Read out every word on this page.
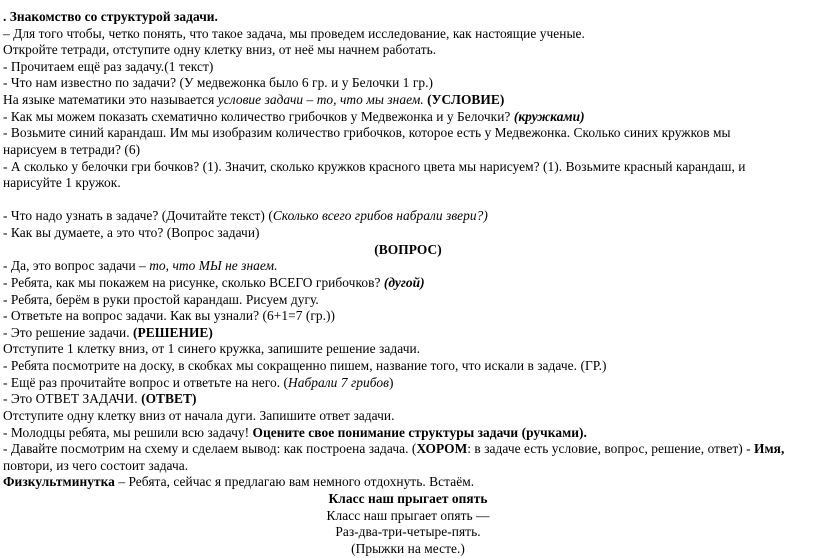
. Знакомство со структурой задачи.
– Для того чтобы, четко понять, что такое задача, мы проведем исследование, как настоящие ученые.
Откройте тетради, отступите одну клетку вниз, от неё мы начнем работать.
- Прочитаем ещё раз задачу.(1 текст)
- Что нам известно по задачи? (У медвежонка было 6 гр. и у Белочки 1 гр.)
На языке математики это называется условие задачи – то, что мы знаем. (УСЛОВИЕ)
- Как мы можем показать схематично количество грибочков у Медвежонка и у Белочки? (кружками)
- Возьмите синий карандаш. Им мы изобразим количество грибочков, которое есть у Медвежонка. Сколько синих кружков мы
нарисуем в тетради? (6)
- А сколько у белочки гри бочков? (1). Значит, сколько кружков красного цвета мы нарисуем? (1). Возьмите красный карандаш, и
нарисуйте 1 кружок.
- Что надо узнать в задаче? (Дочитайте текст) (Сколько всего грибов набрали звери?)
- Как вы думаете, а это что? (Вопрос задачи)
(ВОПРОС)
- Да, это вопрос задачи – то, что МЫ не знаем.
- Ребята, как мы покажем на рисунке, сколько ВСЕГО грибочков? (дугой)
- Ребята, берём в руки простой карандаш. Рисуем дугу.
- Ответьте на вопрос задачи. Как вы узнали? (6+1=7 (гр.))
- Это решение задачи. (РЕШЕНИЕ)
Отступите 1 клетку вниз, от 1 синего кружка, запишите решение задачи.
- Ребята посмотрите на доску, в скобках мы сокращенно пишем, название того, что искали в задаче. (ГР.)
- Ещё раз прочитайте вопрос и ответьте на него. (Набрали 7 грибов)
- Это ОТВЕТ ЗАДАЧИ. (ОТВЕТ)
Отступите одну клетку вниз от начала дуги. Запишите ответ задачи.
- Молодцы ребята, мы решили всю задачу! Оцените свое понимание структуры задачи (ручками).
- Давайте посмотрим на схему и сделаем вывод: как построена задача. (ХОРОМ: в задаче есть условие, вопрос, решение, ответ) - Имя,
повтори, из чего состоит задача.
Физкультминутка – Ребята, сейчас я предлагаю вам немного отдохнуть. Встаём.
Класс наш прыгает опять
Класс наш прыгает опять —
Раз-два-три-четыре-пять.
(Прыжки на месте.)
